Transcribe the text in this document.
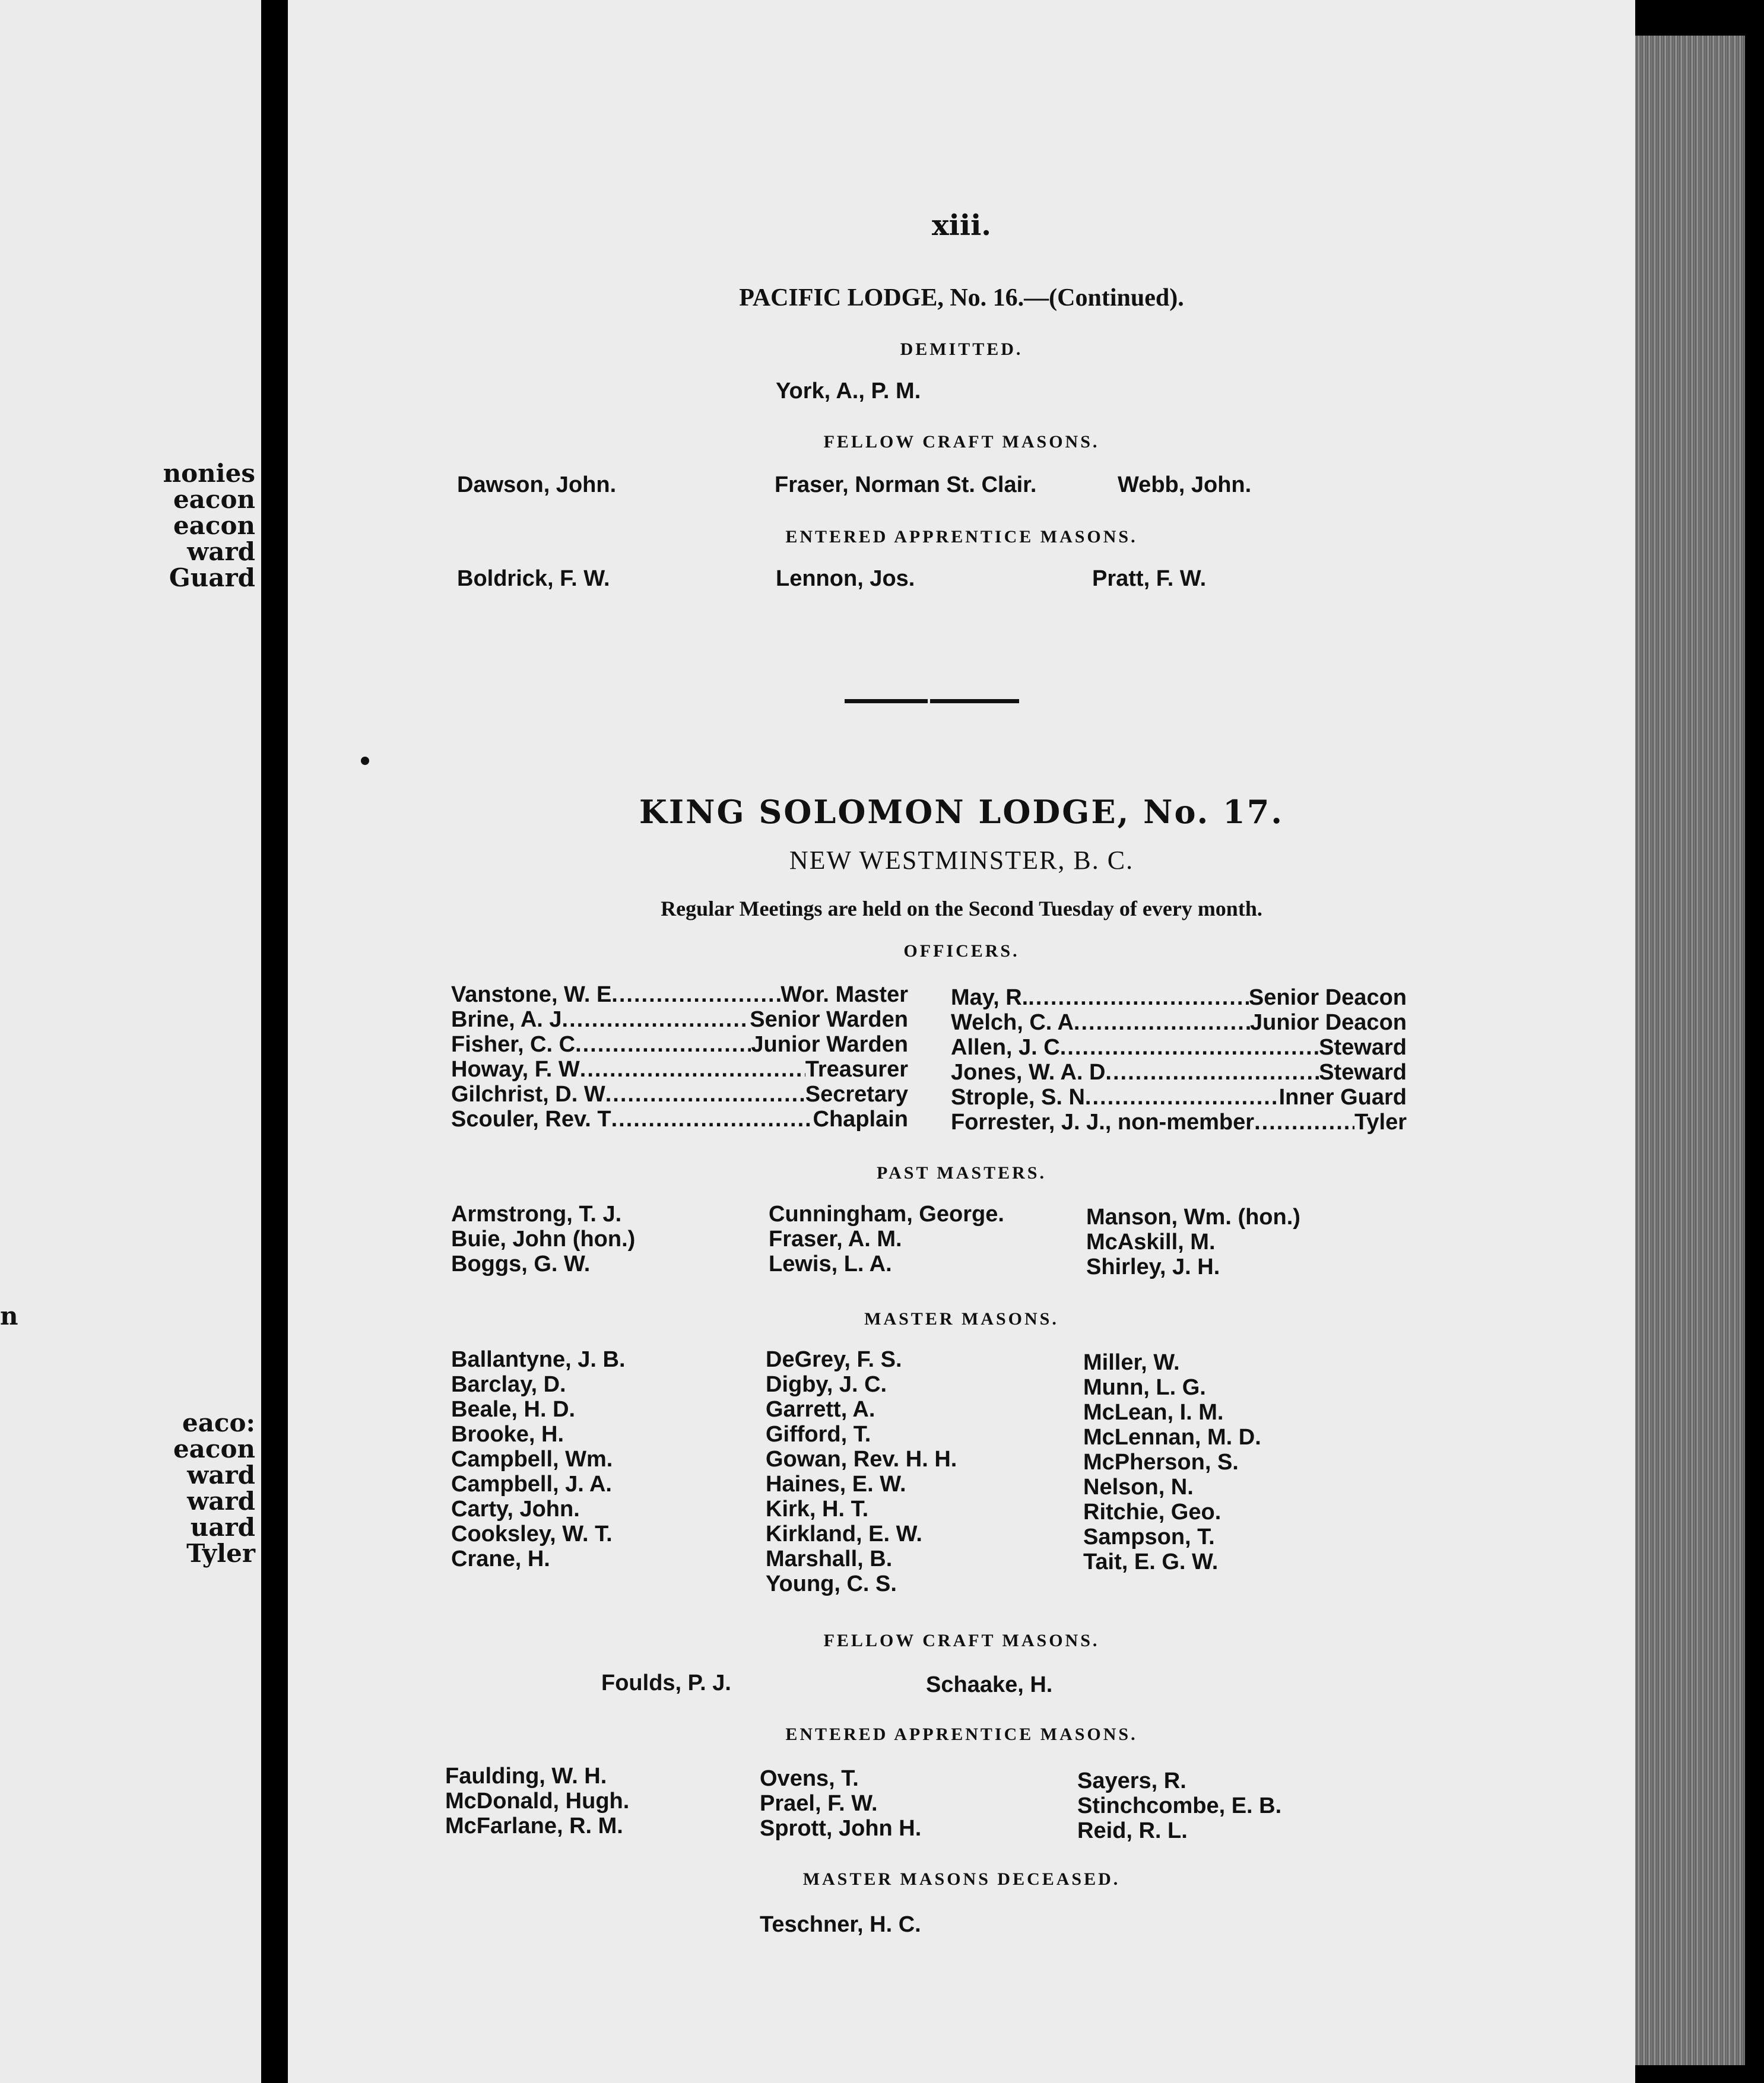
nonies
eacon
eacon
ward
Guard
n
eaco:
eacon
ward
ward
uard
Tyler
xiii.
PACIFIC LODGE, No. 16.—(Continued).
DEMITTED.
York, A., P. M.
FELLOW CRAFT MASONS.
Dawson, John.	Fraser, Norman St. Clair.	Webb, John.
ENTERED APPRENTICE MASONS.
Boldrick, F. W.	Lennon, Jos.	Pratt, F. W.
KING SOLOMON LODGE, No. 17.
NEW WESTMINSTER, B. C.
Regular Meetings are held on the Second Tuesday of every month.
OFFICERS.
Vanstone, W. E .....	Wor. Master
Brine, A. J .....	Senior Warden
Fisher, C. C .....	Junior Warden
Howay, F. W .....	Treasurer
Gilchrist, D. W .....	Secretary
Scouler, Rev. T .....	Chaplain
May, R. .....	Senior Deacon
Welch, C. A .....	Junior Deacon
Allen, J. C .....	Steward
Jones, W. A. D .....	Steward
Strople, S. N .....	Inner Guard
Forrester, J. J., non-member .....	Tyler
PAST MASTERS.
Armstrong, T. J.
Buie, John (hon.)
Boggs, G. W.
Cunningham, George.
Fraser, A. M.
Lewis, L. A.
Manson, Wm. (hon.)
McAskill, M.
Shirley, J. H.
MASTER MASONS.
Ballantyne, J. B.
Barclay, D.
Beale, H. D.
Brooke, H.
Campbell, Wm.
Campbell, J. A.
Carty, John.
Cooksley, W. T.
Crane, H.
DeGrey, F. S.
Digby, J. C.
Garrett, A.
Gifford, T.
Gowan, Rev. H. H.
Haines, E. W.
Kirk, H. T.
Kirkland, E. W.
Marshall, B.
Young, C. S.
Miller, W.
Munn, L. G.
McLean, I. M.
McLennan, M. D.
McPherson, S.
Nelson, N.
Ritchie, Geo.
Sampson, T.
Tait, E. G. W.
FELLOW CRAFT MASONS.
Foulds, P. J.	Schaake, H.
ENTERED APPRENTICE MASONS.
Faulding, W. H.
McDonald, Hugh.
McFarlane, R. M.
Ovens, T.
Prael, F. W.
Sprott, John H.
Sayers, R.
Stinchcombe, E. B.
Reid, R. L.
MASTER MASONS DECEASED.
Teschner, H. C.
